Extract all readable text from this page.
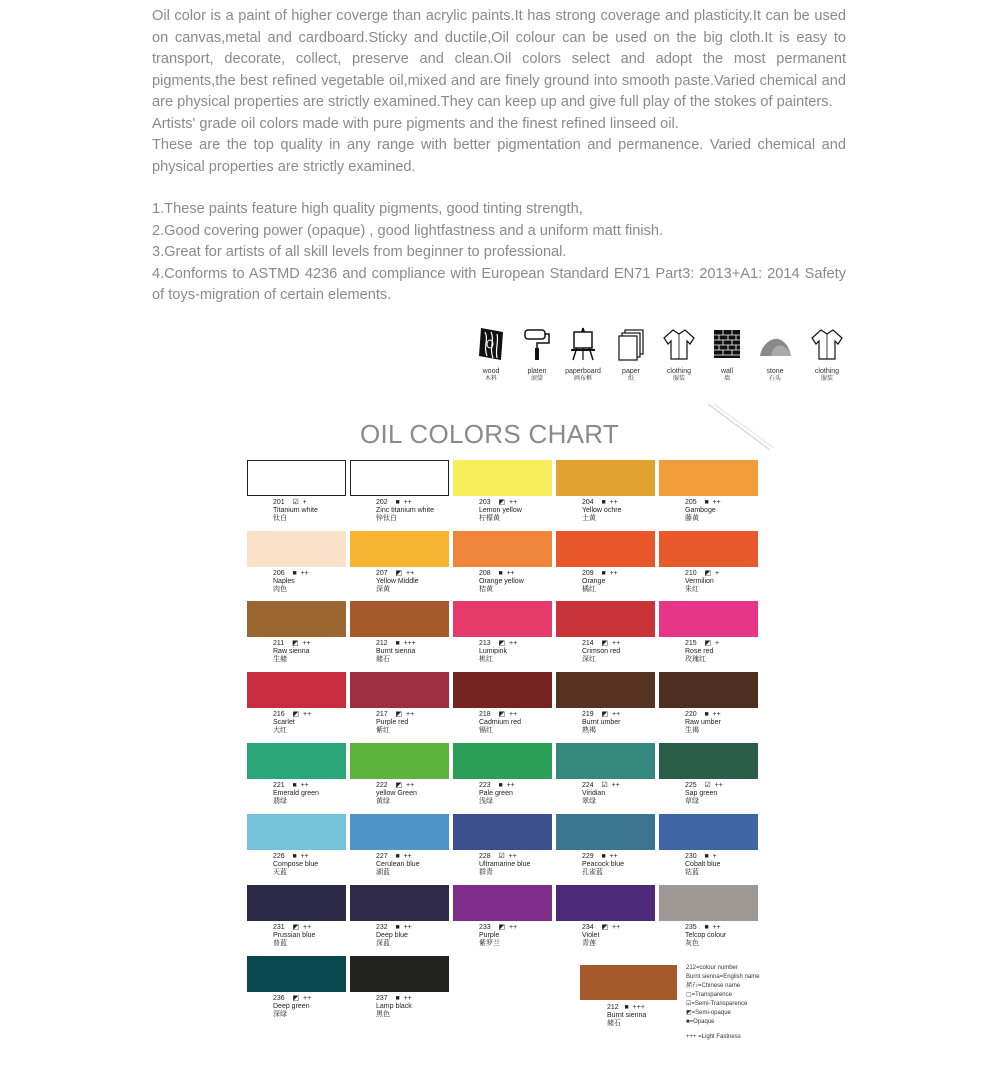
Oil color is a paint of higher coverge than acrylic paints.It has strong coverage and plasticity.It can be used on canvas,metal and cardboard.Sticky and ductile,Oil colour can be used on the big cloth.It is easy to transport, decorate, collect, preserve and clean.Oil colors select and adopt the most permanent pigments,the best refined vegetable oil,mixed and are finely ground into smooth paste.Varied chemical and are physical properties are strictly examined.They can keep up and give full play of the stokes of painters.

Artists' grade oil colors made with pure pigments and the finest refined linseed oil.

These are the top quality in any range with better pigmentation and permanence. Varied chemical and physical properties are strictly examined.

1.These paints feature high quality pigments, good tinting strength,

2.Good covering power (opaque) , good lightfastness and a uniform matt finish.

3.Great for artists of all skill levels from beginner to professional.

4.Conforms to ASTMD 4236 and compliance with European Standard EN71 Part3: 2013+A1: 2014 Safety of toys-migration of certain elements.

wood
木料
platen
滚筒
paperboard
画布框
paper
纸
clothing
服装
wall
墙
stone
石头
clothing
服装
OIL COLORS CHART
201 ☑ +
Titanium white
钛白
202 ■ ++
Zinc titanium white
锌钛白
203 ◩ ++
Lemon yellow
柠檬黄
204 ■ ++
Yellow ochre
土黄
205 ■ ++
Gamboge
藤黄
206 ■ ++
Naples
肉色
207 ◩ ++
Yellow Middle
深黄
208 ■ ++
Orange yellow
桔黄
209 ■ ++
Orange
橘红
210 ◩ +
Vermilion
朱红
211 ◩ ++
Raw sienna
生赭
212 ■ +++
Burnt sienna
赭石
213 ◩ ++
Lumipink
桃红
214 ◩ ++
Crimson red
深红
215 ◩ +
Rose red
玫瑰红
216 ◩ ++
Scarlet
大红
217 ◩ ++
Purple red
紫红
218 ◩ ++
Cadmium red
镉红
219 ◩ ++
Burnt umber
熟褐
220 ■ ++
Raw umber
生褐
221 ■ ++
Emerald green
翡绿
222 ◩ ++
yellow Green
黄绿
223 ■ ++
Pale green
浅绿
224 ☑ ++
Viridian
翠绿
225 ☑ ++
Sap green
草绿
226 ■ ++
Compose blue
天蓝
227 ■ ++
Cerulean blue
湖蓝
228 ☑ ++
Ultramarine blue
群青
229 ■ ++
Peacock blue
孔雀蓝
230 ■ +
Cobalt blue
钴蓝
231 ◩ ++
Prussian blue
普蓝
232 ■ ++
Deep blue
深蓝
233 ◩ ++
Purple
紫罗兰
234 ◩ ++
Violet
青莲
235 ■ ++
Telcop colour
灰色
236 ◩ ++
Deep green
深绿
237 ■ ++
Lamp black
黑色
212 ■ +++
Burnt sienna
赭石
212=colour number
Burnt sienna=English name
赭石=Chinese name
▢=Transparence
☑=Semi-Transparence
◩=Semi-opaque
■=Opaque
+++ =Light Fastness
